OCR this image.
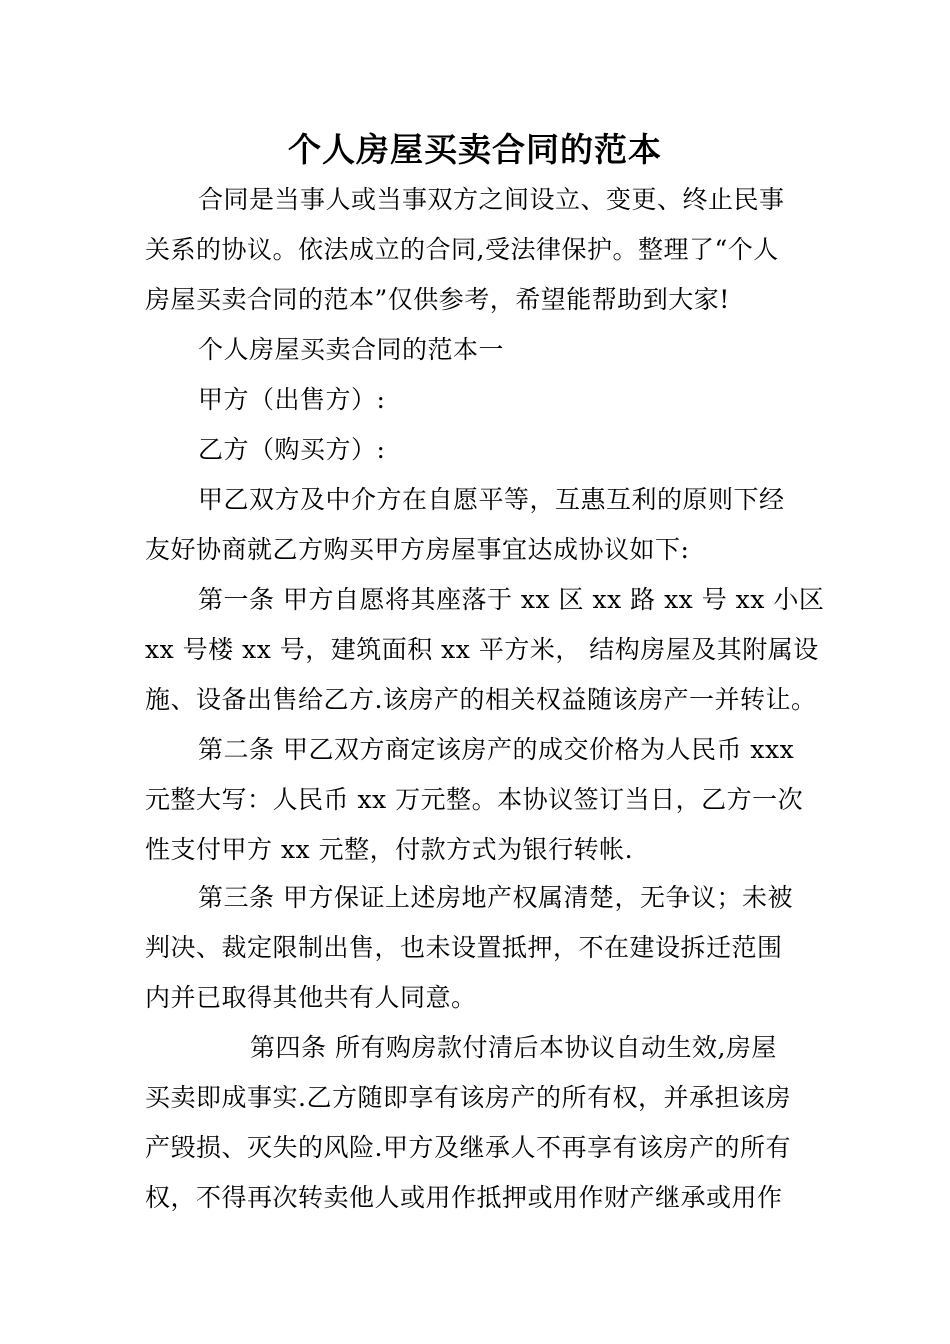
个人房屋买卖合同的范本
合同是当事人或当事双方之间设立、变更、终止民事
关系的协议。依法成立的合同,受法律保护。整理了“个人
房屋买卖合同的范本”仅供参考，希望能帮助到大家!
个人房屋买卖合同的范本一
甲方（出售方）:
乙方（购买方）:
甲乙双方及中介方在自愿平等，互惠互利的原则下经
友好协商就乙方购买甲方房屋事宜达成协议如下:
第一条 甲方自愿将其座落于 xx 区 xx 路 xx 号 xx 小区
xx 号楼 xx 号，建筑面积 xx 平方米， 结构房屋及其附属设
施、设备出售给乙方.该房产的相关权益随该房产一并转让。
第二条 甲乙双方商定该房产的成交价格为人民币 xxx
元整大写：人民币 xx 万元整。本协议签订当日，乙方一次
性支付甲方 xx 元整，付款方式为银行转帐.
第三条 甲方保证上述房地产权属清楚，无争议；未被
判决、裁定限制出售，也未设置抵押，不在建设拆迁范围
内并已取得其他共有人同意。
第四条 所有购房款付清后本协议自动生效,房屋
买卖即成事实.乙方随即享有该房产的所有权，并承担该房
产毁损、灭失的风险.甲方及继承人不再享有该房产的所有
权，不得再次转卖他人或用作抵押或用作财产继承或用作
